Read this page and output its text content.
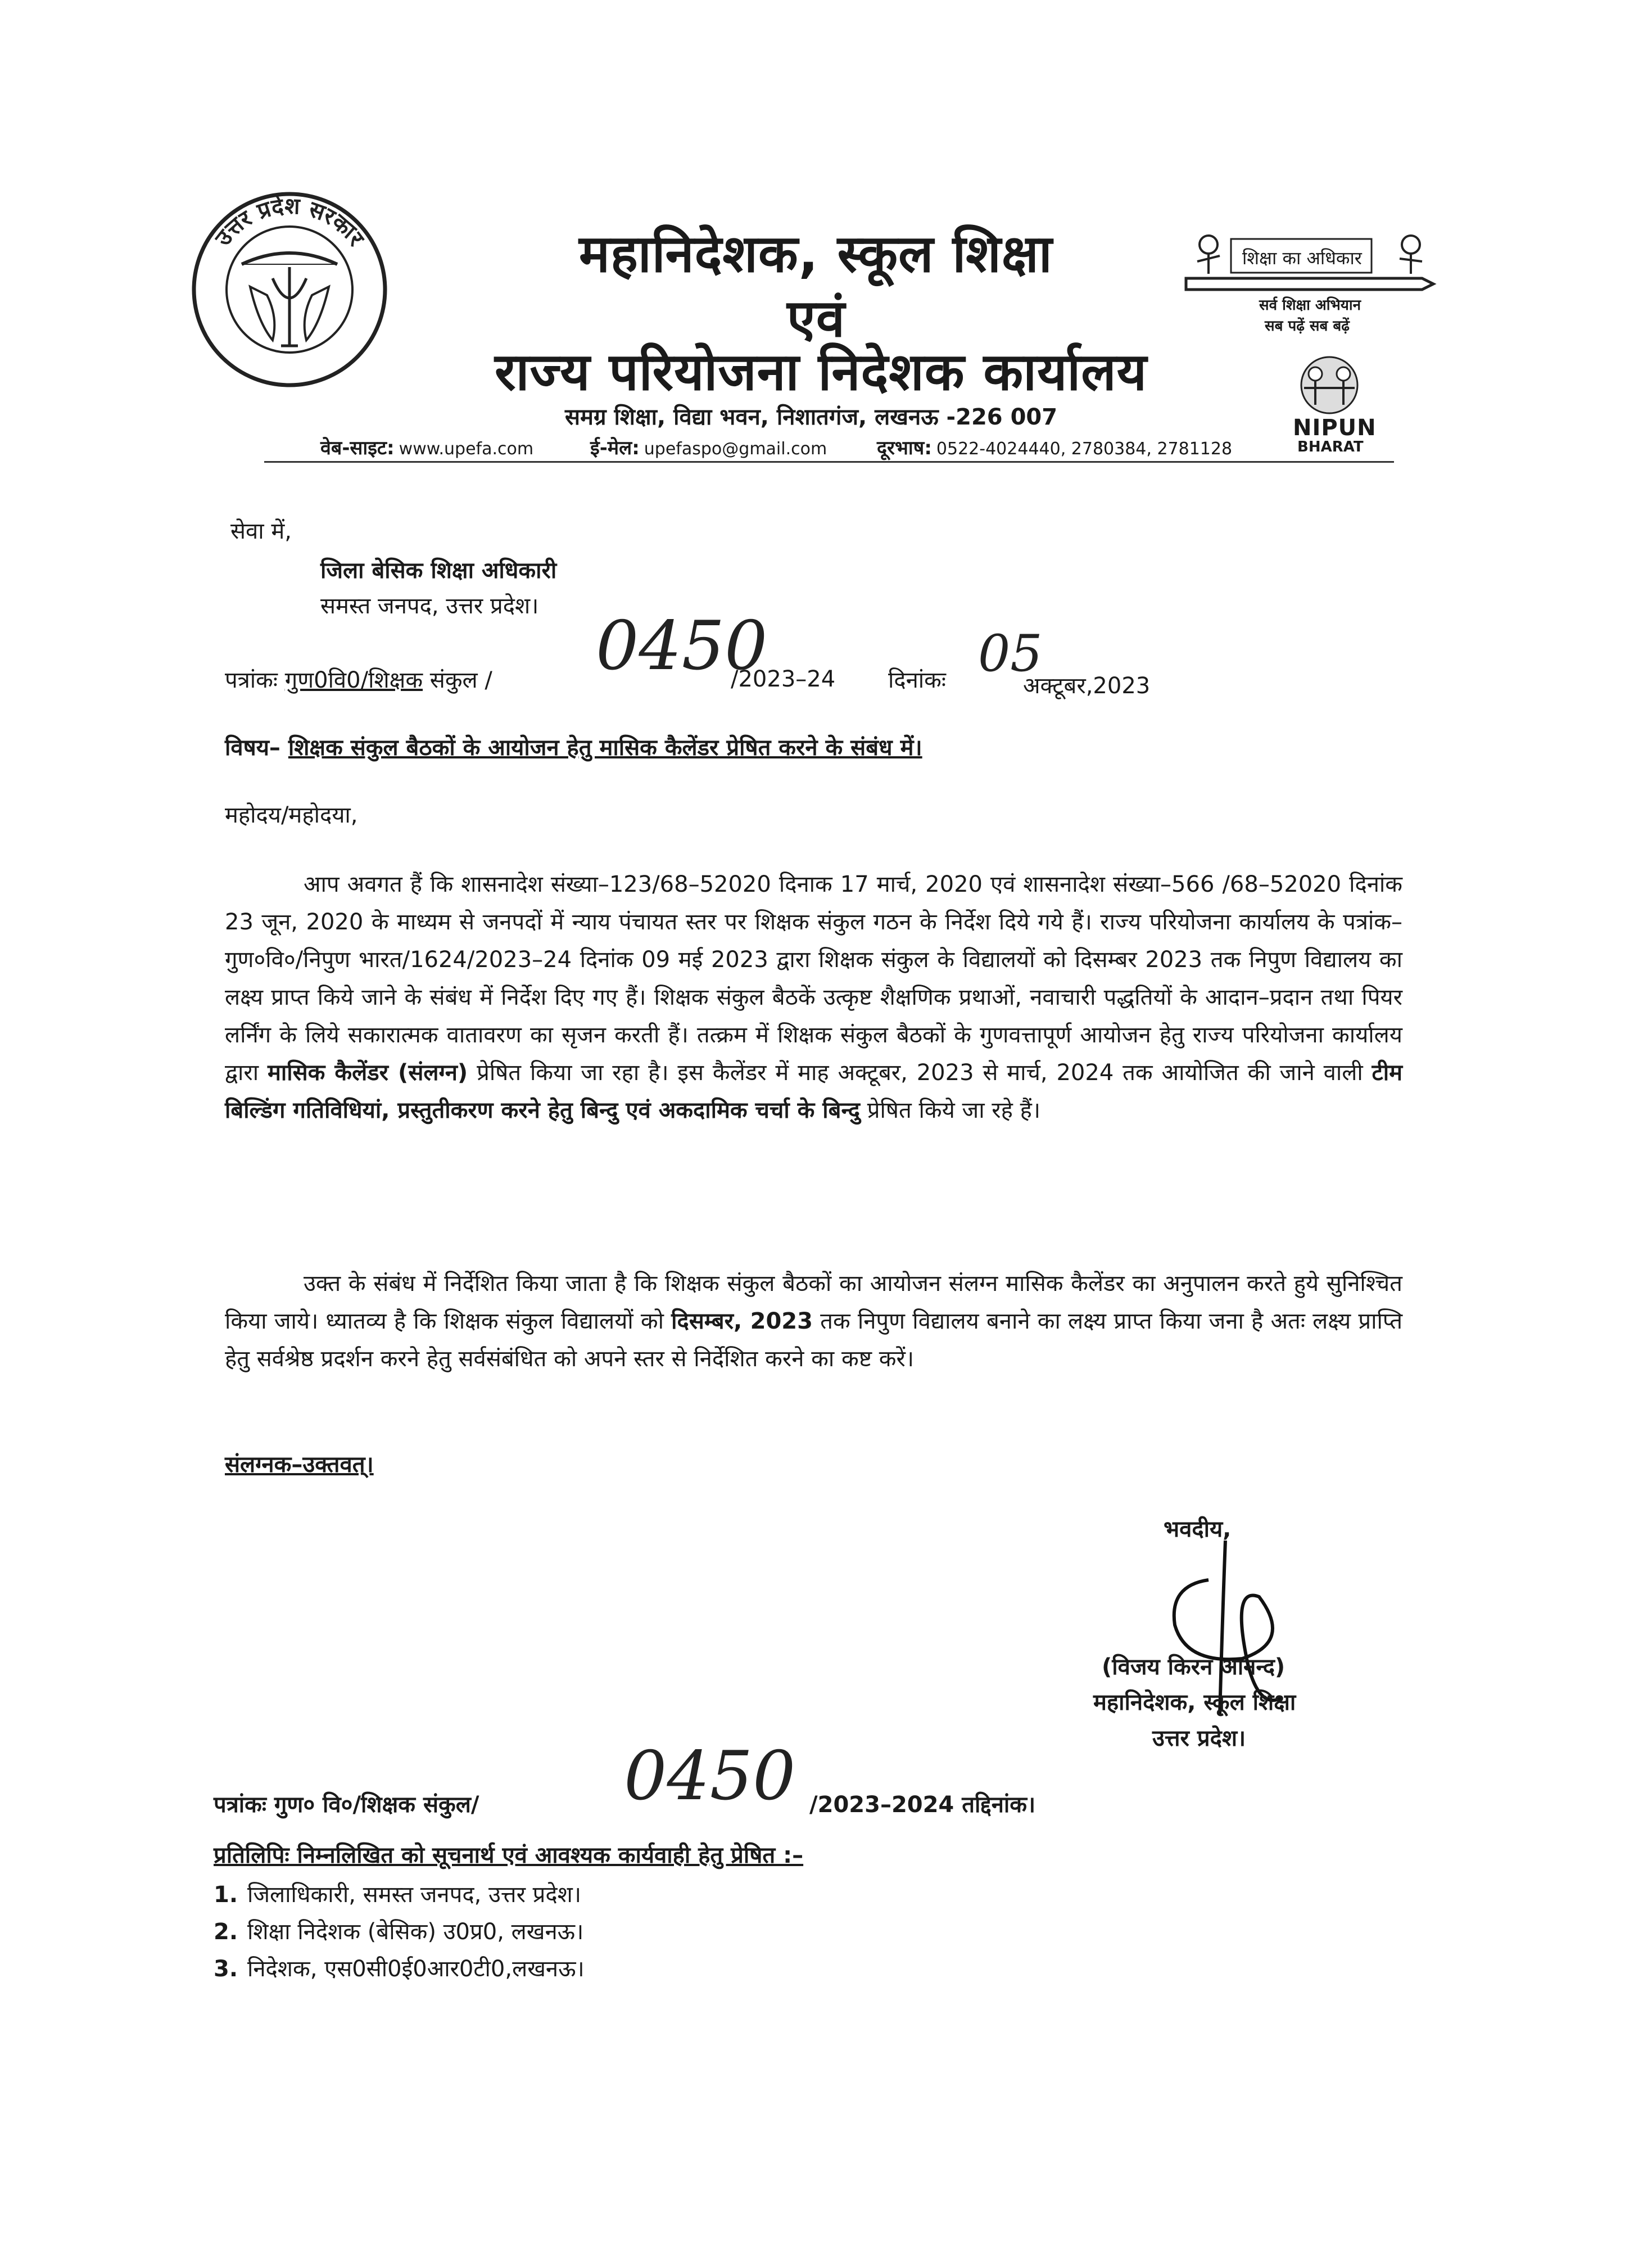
उत्तर प्रदेश सरकार	महानिदेशक, स्कूल शिक्षा
एवं
राज्य परियोजना निदेशक कार्यालय
समग्र शिक्षा, विद्या भवन, निशातगंज, लखनऊ -226 007
वेब-साइट: www.upefa.com	ई-मेल: upefaspo@gmail.com	दूरभाष: 0522-4024440, 2780384, 2781128
शिक्षा का अधिकार
सर्व शिक्षा अभियान
सब पढ़ें सब बढ़ें
NIPUN
BHARAT
सेवा में,
जिला बेसिक शिक्षा अधिकारी
समस्त जनपद, उत्तर प्रदेश।
पत्रांकः गुण0वि0/शिक्षक संकुल / 0450
/2023–24 दिनांकः 05
अक्टूबर,2023
विषय– शिक्षक संकुल बैठकों के आयोजन हेतु मासिक कैलेंडर प्रेषित करने के संबंध में।
महोदय/महोदया,
आप अवगत हैं कि शासनादेश संख्या–123/68–52020 दिनाक 17 मार्च, 2020 एवं शासनादेश संख्या–566 /68–52020 दिनांक 23 जून, 2020 के माध्यम से जनपदों में न्याय पंचायत स्तर पर शिक्षक संकुल गठन के निर्देश दिये गये हैं। राज्य परियोजना कार्यालय के पत्रांक– गुण०वि०/निपुण भारत/1624/2023–24 दिनांक 09 मई 2023 द्वारा शिक्षक संकुल के विद्यालयों को दिसम्बर 2023 तक निपुण विद्यालय का लक्ष्य प्राप्त किये जाने के संबंध में निर्देश दिए गए हैं। शिक्षक संकुल बैठकें उत्कृष्ट शैक्षणिक प्रथाओं, नवाचारी पद्धतियों के आदान–प्रदान तथा पियर लर्निंग के लिये सकारात्मक वातावरण का सृजन करती हैं। तत्क्रम में शिक्षक संकुल बैठकों के गुणवत्तापूर्ण आयोजन हेतु राज्य परियोजना कार्यालय द्वारा मासिक कैलेंडर (संलग्न) प्रेषित किया जा रहा है। इस कैलेंडर में माह अक्टूबर, 2023 से मार्च, 2024 तक आयोजित की जाने वाली टीम बिल्डिंग गतिविधियां, प्रस्तुतीकरण करने हेतु बिन्दु एवं अकदामिक चर्चा के बिन्दु प्रेषित किये जा रहे हैं।
उक्त के संबंध में निर्देशित किया जाता है कि शिक्षक संकुल बैठकों का आयोजन संलग्न मासिक कैलेंडर का अनुपालन करते हुये सुनिश्चित किया जाये। ध्यातव्य है कि शिक्षक संकुल विद्यालयों को दिसम्बर, 2023 तक निपुण विद्यालय बनाने का लक्ष्य प्राप्त किया जना है अतः लक्ष्य प्राप्ति हेतु सर्वश्रेष्ठ प्रदर्शन करने हेतु सर्वसंबंधित को अपने स्तर से निर्देशित करने का कष्ट करें।
संलग्नक–उक्तवत्।
भवदीय,
(विजय किरन आनन्द)
महानिदेशक, स्कूल शिक्षा
उत्तर प्रदेश।
पत्रांकः गुण० वि०/शिक्षक संकुल/ 0450 /2023–2024 तद्दिनांक।
प्रतिलिपिः निम्नलिखित को सूचनार्थ एवं आवश्यक कार्यवाही हेतु प्रेषित :–
1. जिलाधिकारी, समस्त जनपद, उत्तर प्रदेश।
2. शिक्षा निदेशक (बेसिक) उ0प्र0, लखनऊ।
3. निदेशक, एस0सी0ई0आर0टी0,लखनऊ।
